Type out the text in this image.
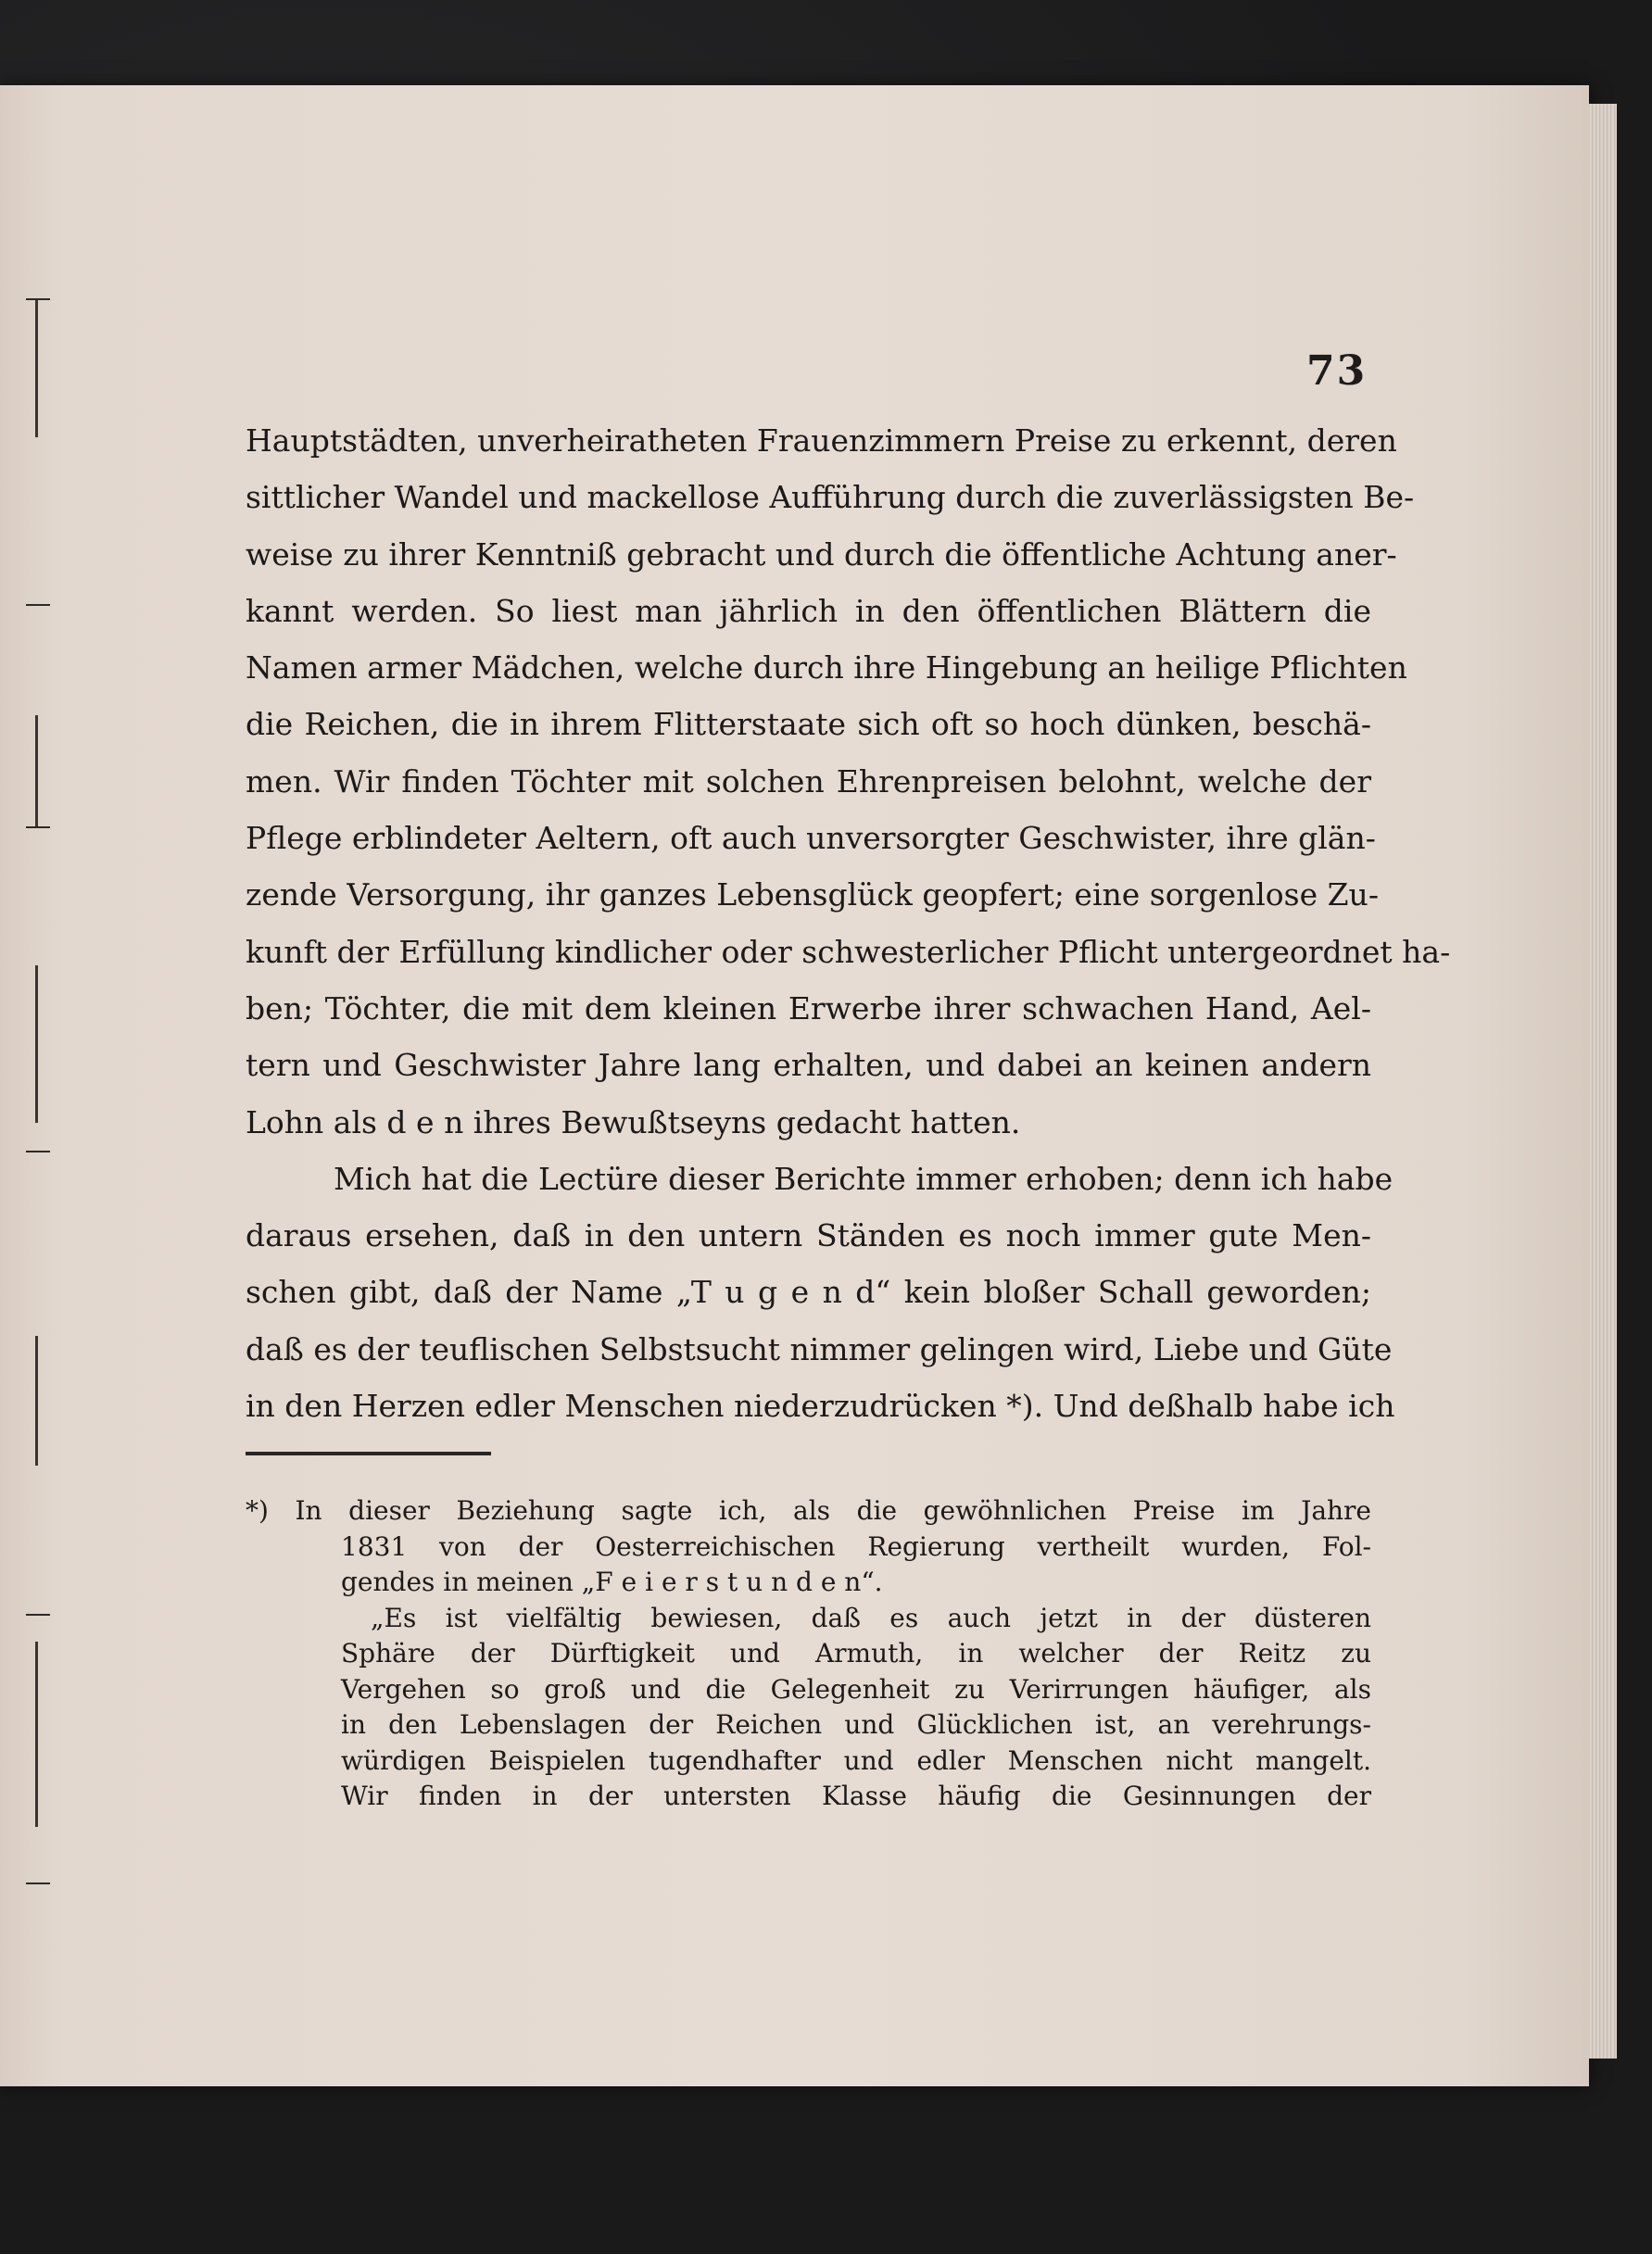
73
Hauptstädten, unverheiratheten Frauenzimmern Preise zu erkennt, deren
sittlicher Wandel und mackellose Aufführung durch die zuverlässigsten Be-
weise zu ihrer Kenntniß gebracht und durch die öffentliche Achtung aner-
kannt werden. So liest man jährlich in den öffentlichen Blättern die
Namen armer Mädchen, welche durch ihre Hingebung an heilige Pflichten
die Reichen, die in ihrem Flitterstaate sich oft so hoch dünken, beschä-
men. Wir finden Töchter mit solchen Ehrenpreisen belohnt, welche der
Pflege erblindeter Aeltern, oft auch unversorgter Geschwister, ihre glän-
zende Versorgung, ihr ganzes Lebensglück geopfert; eine sorgenlose Zu-
kunft der Erfüllung kindlicher oder schwesterlicher Pflicht untergeordnet ha-
ben; Töchter, die mit dem kleinen Erwerbe ihrer schwachen Hand, Ael-
tern und Geschwister Jahre lang erhalten, und dabei an keinen andern
Lohn als d e n ihres Bewußtseyns gedacht hatten.
Mich hat die Lectüre dieser Berichte immer erhoben; denn ich habe
daraus ersehen, daß in den untern Ständen es noch immer gute Men-
schen gibt, daß der Name „T u g e n d“ kein bloßer Schall geworden;
daß es der teuflischen Selbstsucht nimmer gelingen wird, Liebe und Güte
in den Herzen edler Menschen niederzudrücken *). Und deßhalb habe ich
*) In dieser Beziehung sagte ich, als die gewöhnlichen Preise im Jahre
1831 von der Oesterreichischen Regierung vertheilt wurden, Fol-
gendes in meinen „F e i e r s t u n d e n“.
„Es ist vielfältig bewiesen, daß es auch jetzt in der düsteren
Sphäre der Dürftigkeit und Armuth, in welcher der Reitz zu
Vergehen so groß und die Gelegenheit zu Verirrungen häufiger, als
in den Lebenslagen der Reichen und Glücklichen ist, an verehrungs-
würdigen Beispielen tugendhafter und edler Menschen nicht mangelt.
Wir finden in der untersten Klasse häufig die Gesinnungen der
